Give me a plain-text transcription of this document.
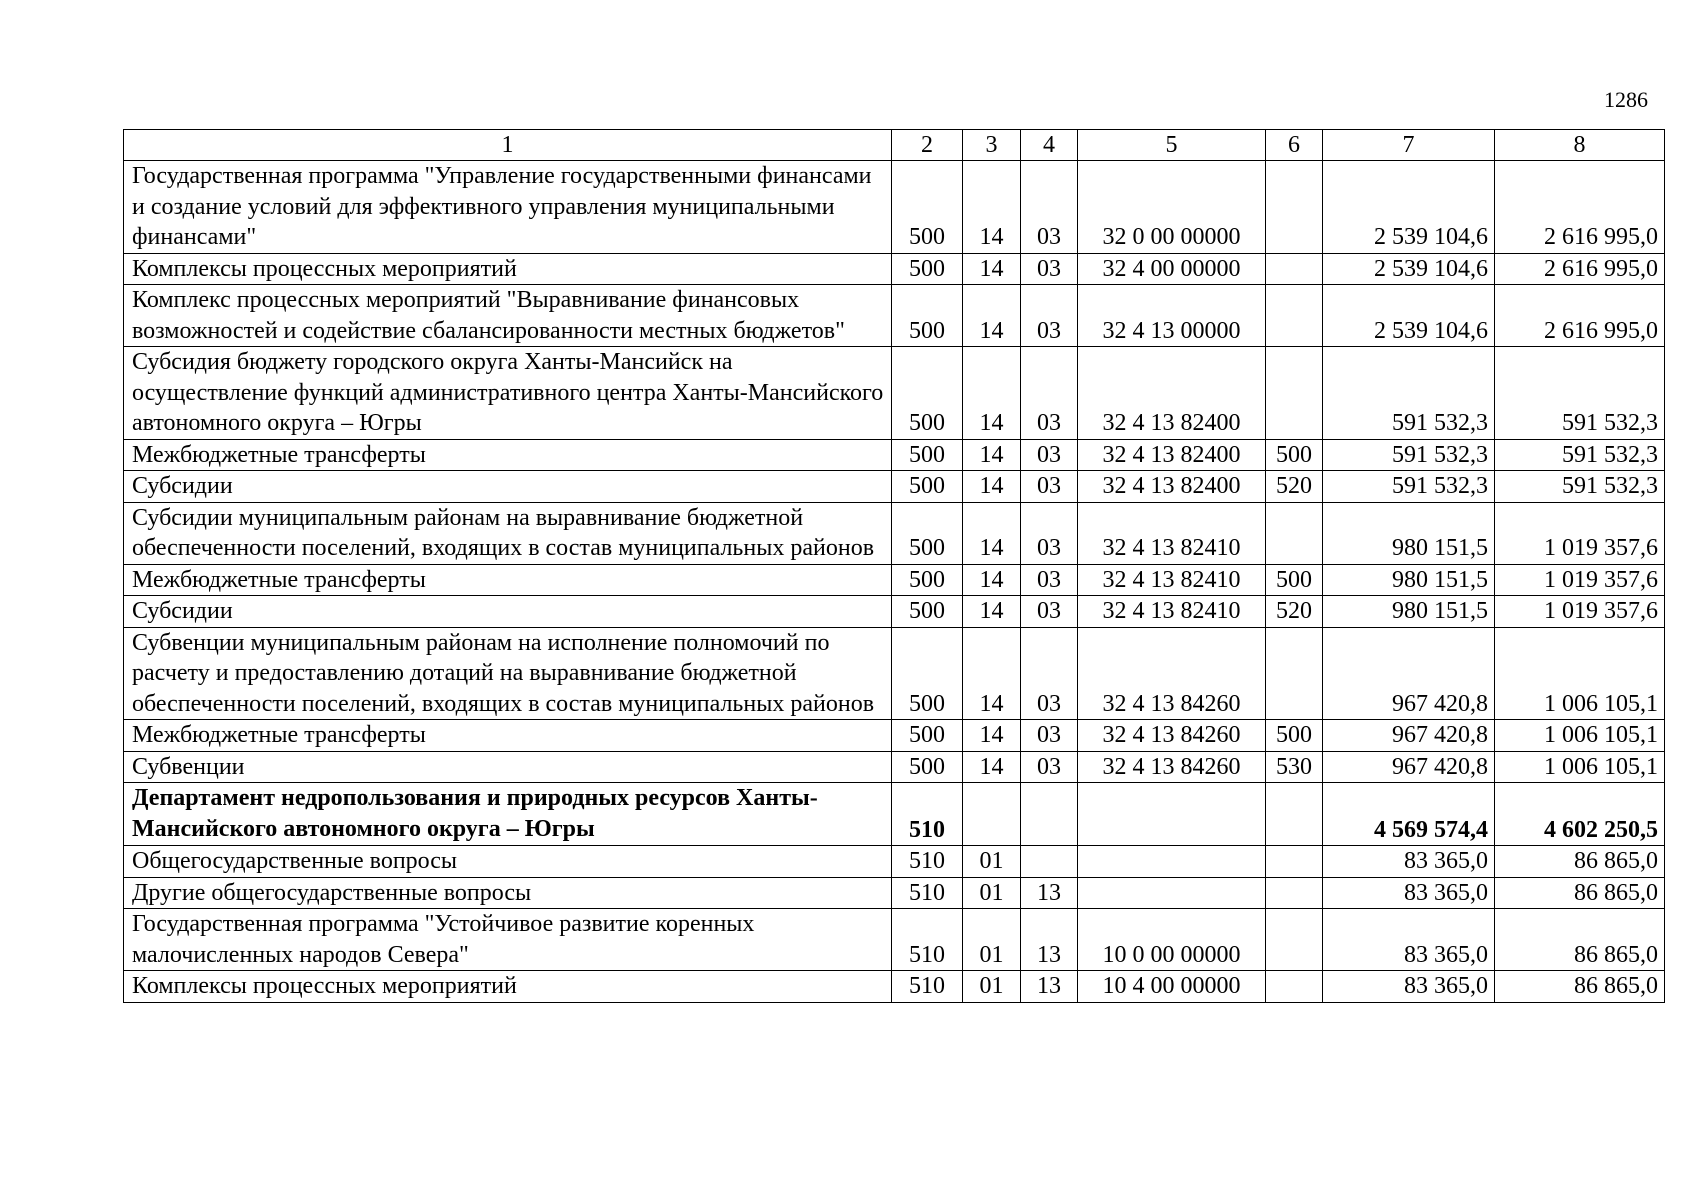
1286
1	2	3	4	5	6	7	8
Государственная программа "Управление государственными финансами и создание условий для эффективного управления муниципальными финансами"	500	14	03	32 0 00 00000		2 539 104,6	2 616 995,0
Комплексы процессных мероприятий	500	14	03	32 4 00 00000		2 539 104,6	2 616 995,0
Комплекс процессных мероприятий "Выравнивание финансовых возможностей и содействие сбалансированности местных бюджетов"	500	14	03	32 4 13 00000		2 539 104,6	2 616 995,0
Субсидия бюджету городского округа Ханты-Мансийск на осуществление функций административного центра Ханты-Мансийского автономного округа – Югры	500	14	03	32 4 13 82400		591 532,3	591 532,3
Межбюджетные трансферты	500	14	03	32 4 13 82400	500	591 532,3	591 532,3
Субсидии	500	14	03	32 4 13 82400	520	591 532,3	591 532,3
Субсидии муниципальным районам на выравнивание бюджетной обеспеченности поселений, входящих в состав муниципальных районов	500	14	03	32 4 13 82410		980 151,5	1 019 357,6
Межбюджетные трансферты	500	14	03	32 4 13 82410	500	980 151,5	1 019 357,6
Субсидии	500	14	03	32 4 13 82410	520	980 151,5	1 019 357,6
Субвенции муниципальным районам на исполнение полномочий по расчету и предоставлению дотаций на выравнивание бюджетной обеспеченности поселений, входящих в состав муниципальных районов	500	14	03	32 4 13 84260		967 420,8	1 006 105,1
Межбюджетные трансферты	500	14	03	32 4 13 84260	500	967 420,8	1 006 105,1
Субвенции	500	14	03	32 4 13 84260	530	967 420,8	1 006 105,1
Департамент недропользования и природных ресурсов Ханты-Мансийского автономного округа – Югры	510					4 569 574,4	4 602 250,5
Общегосударственные вопросы	510	01				83 365,0	86 865,0
Другие общегосударственные вопросы	510	01	13			83 365,0	86 865,0
Государственная программа "Устойчивое развитие коренных малочисленных народов Севера"	510	01	13	10 0 00 00000		83 365,0	86 865,0
Комплексы процессных мероприятий	510	01	13	10 4 00 00000		83 365,0	86 865,0
